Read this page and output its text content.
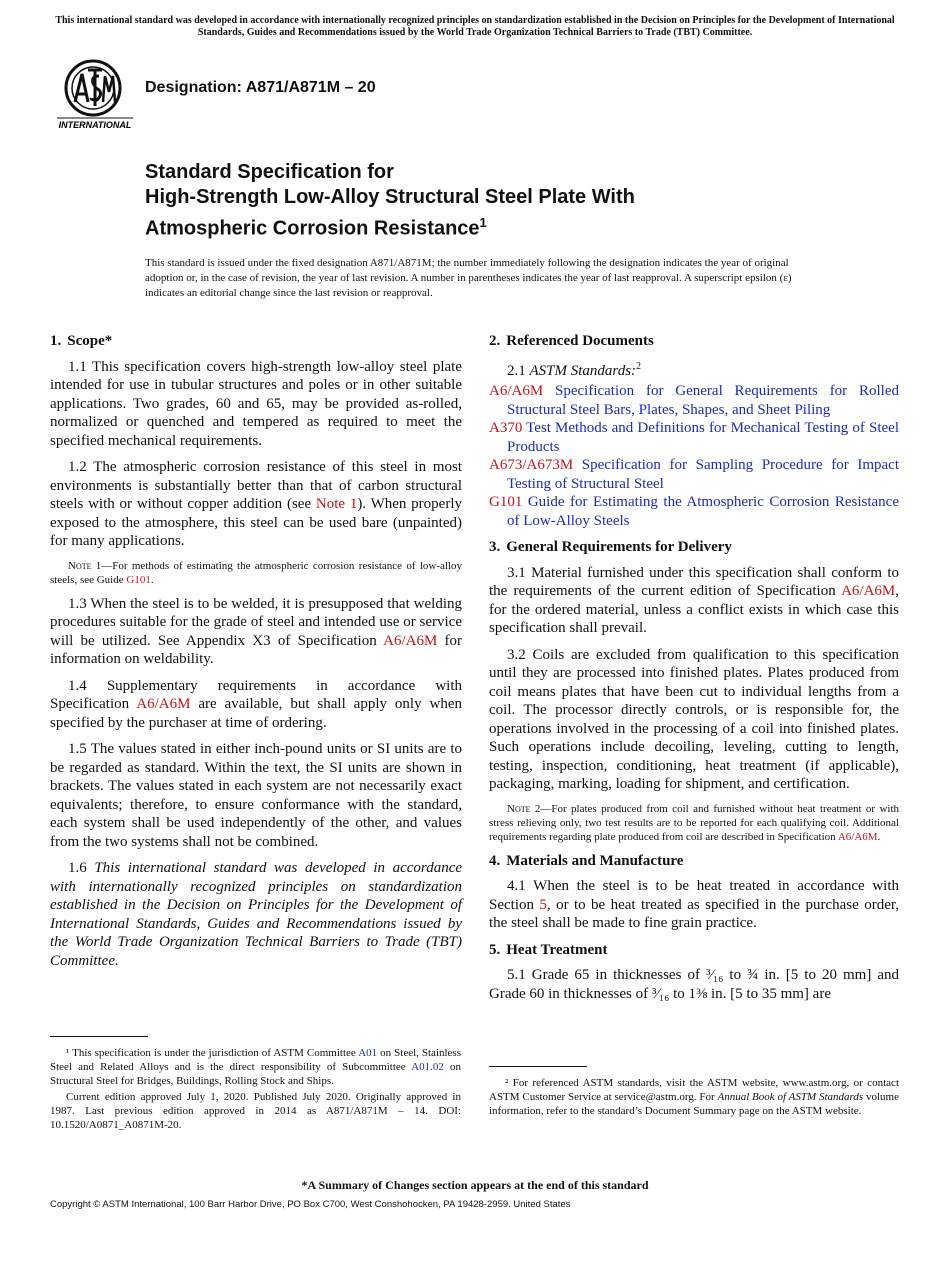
This international standard was developed in accordance with internationally recognized principles on standardization established in the Decision on Principles for the Development of International Standards, Guides and Recommendations issued by the World Trade Organization Technical Barriers to Trade (TBT) Committee.
INTERNATIONAL
Designation: A871/A871M – 20
Standard Specification for
High-Strength Low-Alloy Structural Steel Plate With
Atmospheric Corrosion Resistance$^1$
This standard is issued under the fixed designation A871/A871M; the number immediately following the designation indicates the year of original adoption or, in the case of revision, the year of last revision. A number in parentheses indicates the year of last reapproval. A superscript epsilon (ε) indicates an editorial change since the last revision or reapproval.
1. Scope*

1.1 This specification covers high-strength low-alloy steel plate intended for use in tubular structures and poles or in other suitable applications. Two grades, 60 and 65, may be provided as-rolled, normalized or quenched and tempered as required to meet the specified mechanical requirements.

1.2 The atmospheric corrosion resistance of this steel in most environments is substantially better than that of carbon structural steels with or without copper addition (see Note 1). When properly exposed to the atmosphere, this steel can be used bare (unpainted) for many applications.

Note 1—For methods of estimating the atmospheric corrosion resistance of low-alloy steels, see Guide G101.

1.3 When the steel is to be welded, it is presupposed that welding procedures suitable for the grade of steel and intended use or service will be utilized. See Appendix X3 of Specification A6/A6M for information on weldability.

1.4 Supplementary requirements in accordance with Specification A6/A6M are available, but shall apply only when specified by the purchaser at time of ordering.

1.5 The values stated in either inch-pound units or SI units are to be regarded as standard. Within the text, the SI units are shown in brackets. The values stated in each system are not necessarily exact equivalents; therefore, to ensure conformance with the standard, each system shall be used independently of the other, and values from the two systems shall not be combined.

1.6 This international standard was developed in accordance with internationally recognized principles on standardization established in the Decision on Principles for the Development of International Standards, Guides and Recommendations issued by the World Trade Organization Technical Barriers to Trade (TBT) Committee.

¹ This specification is under the jurisdiction of ASTM Committee A01 on Steel, Stainless Steel and Related Alloys and is the direct responsibility of Subcommittee A01.02 on Structural Steel for Bridges, Buildings, Rolling Stock and Ships.

Current edition approved July 1, 2020. Published July 2020. Originally approved in 1987. Last previous edition approved in 2014 as A871/A871M – 14. DOI: 10.1520/A0871_A0871M-20.

2. Referenced Documents

2.1 ASTM Standards:$^2$

A6/A6M Specification for General Requirements for Rolled Structural Steel Bars, Plates, Shapes, and Sheet Piling
A370 Test Methods and Definitions for Mechanical Testing of Steel Products
A673/A673M Specification for Sampling Procedure for Impact Testing of Structural Steel
G101 Guide for Estimating the Atmospheric Corrosion Resistance of Low-Alloy Steels
3. General Requirements for Delivery

3.1 Material furnished under this specification shall conform to the requirements of the current edition of Specification A6/A6M, for the ordered material, unless a conflict exists in which case this specification shall prevail.

3.2 Coils are excluded from qualification to this specification until they are processed into finished plates. Plates produced from coil means plates that have been cut to individual lengths from a coil. The processor directly controls, or is responsible for, the operations involved in the processing of a coil into finished plates. Such operations include decoiling, leveling, cutting to length, testing, inspection, conditioning, heat treatment (if applicable), packaging, marking, loading for shipment, and certification.

Note 2—For plates produced from coil and furnished without heat treatment or with stress relieving only, two test results are to be reported for each qualifying coil. Additional requirements regarding plate produced from coil are described in Specification A6/A6M.
4. Materials and Manufacture

4.1 When the steel is to be heat treated in accordance with Section 5, or to be heat treated as specified in the purchase order, the steel shall be made to fine grain practice.

5. Heat Treatment

5.1 Grade 65 in thicknesses of ³⁄₁₆ to ¾ in. [5 to 20 mm] and Grade 60 in thicknesses of ³⁄₁₆ to 1⅜ in. [5 to 35 mm] are

² For referenced ASTM standards, visit the ASTM website, www.astm.org, or contact ASTM Customer Service at service@astm.org. For Annual Book of ASTM Standards volume information, refer to the standard’s Document Summary page on the ASTM website.

*A Summary of Changes section appears at the end of this standard
Copyright © ASTM International, 100 Barr Harbor Drive, PO Box C700, West Conshohocken, PA 19428-2959. United States
